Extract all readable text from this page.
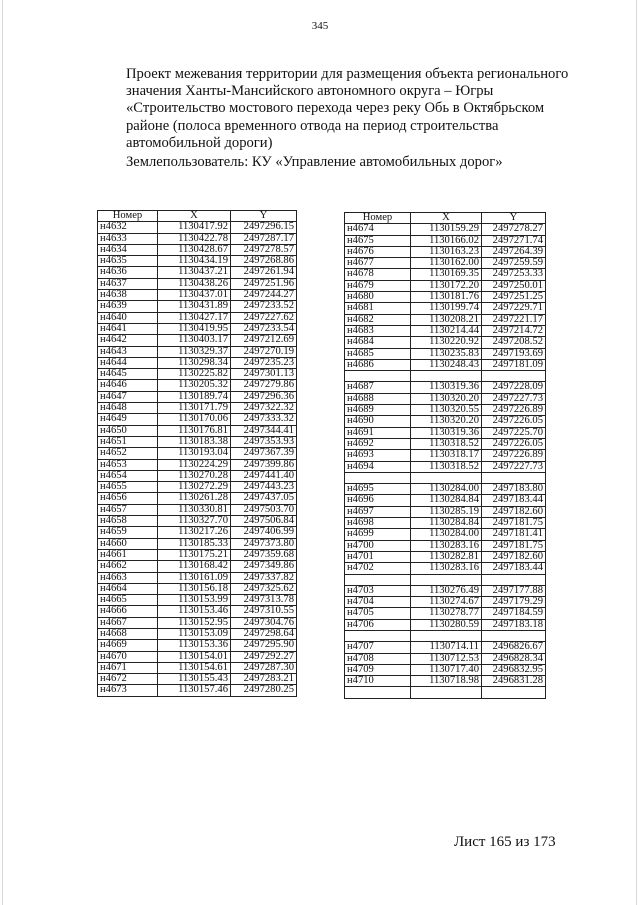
345
Проект межевания территории для размещения объекта регионального
значения Ханты-Мансийского автономного округа – Югры
«Строительство мостового перехода через реку Обь в Октябрьском
районе (полоса временного отвода на период строительства
автомобильной дороги)
Землепользователь: КУ «Управление автомобильных дорог»
Номер	X	Y
н4632	1130417.92	2497296.15
н4633	1130422.78	2497287.17
н4634	1130428.67	2497278.57
н4635	1130434.19	2497268.86
н4636	1130437.21	2497261.94
н4637	1130438.26	2497251.96
н4638	1130437.01	2497244.27
н4639	1130431.89	2497233.52
н4640	1130427.17	2497227.62
н4641	1130419.95	2497233.54
н4642	1130403.17	2497212.69
н4643	1130329.37	2497270.19
н4644	1130298.34	2497235.23
н4645	1130225.82	2497301.13
н4646	1130205.32	2497279.86
н4647	1130189.74	2497296.36
н4648	1130171.79	2497322.32
н4649	1130170.06	2497333.32
н4650	1130176.81	2497344.41
н4651	1130183.38	2497353.93
н4652	1130193.04	2497367.39
н4653	1130224.29	2497399.86
н4654	1130270.28	2497441.40
н4655	1130272.29	2497443.23
н4656	1130261.28	2497437.05
н4657	1130330.81	2497503.70
н4658	1130327.70	2497506.84
н4659	1130217.26	2497406.99
н4660	1130185.33	2497373.80
н4661	1130175.21	2497359.68
н4662	1130168.42	2497349.86
н4663	1130161.09	2497337.82
н4664	1130156.18	2497325.62
н4665	1130153.99	2497313.78
н4666	1130153.46	2497310.55
н4667	1130152.95	2497304.76
н4668	1130153.09	2497298.64
н4669	1130153.36	2497295.90
н4670	1130154.01	2497292.27
н4671	1130154.61	2497287.30
н4672	1130155.43	2497283.21
н4673	1130157.46	2497280.25
Номер	X	Y
н4674	1130159.29	2497278.27
н4675	1130166.02	2497271.74
н4676	1130163.23	2497264.39
н4677	1130162.00	2497259.59
н4678	1130169.35	2497253.33
н4679	1130172.20	2497250.01
н4680	1130181.76	2497251.25
н4681	1130199.74	2497229.71
н4682	1130208.21	2497221.17
н4683	1130214.44	2497214.72
н4684	1130220.92	2497208.52
н4685	1130235.83	2497193.69
н4686	1130248.43	2497181.09

н4687	1130319.36	2497228.09
н4688	1130320.20	2497227.73
н4689	1130320.55	2497226.89
н4690	1130320.20	2497226.05
н4691	1130319.36	2497225.70
н4692	1130318.52	2497226.05
н4693	1130318.17	2497226.89
н4694	1130318.52	2497227.73

н4695	1130284.00	2497183.80
н4696	1130284.84	2497183.44
н4697	1130285.19	2497182.60
н4698	1130284.84	2497181.75
н4699	1130284.00	2497181.41
н4700	1130283.16	2497181.75
н4701	1130282.81	2497182.60
н4702	1130283.16	2497183.44

н4703	1130276.49	2497177.88
н4704	1130274.67	2497179.29
н4705	1130278.77	2497184.59
н4706	1130280.59	2497183.18

н4707	1130714.11	2496826.67
н4708	1130712.53	2496828.34
н4709	1130717.40	2496832.95
н4710	1130718.98	2496831.28

Лист 165 из 173
